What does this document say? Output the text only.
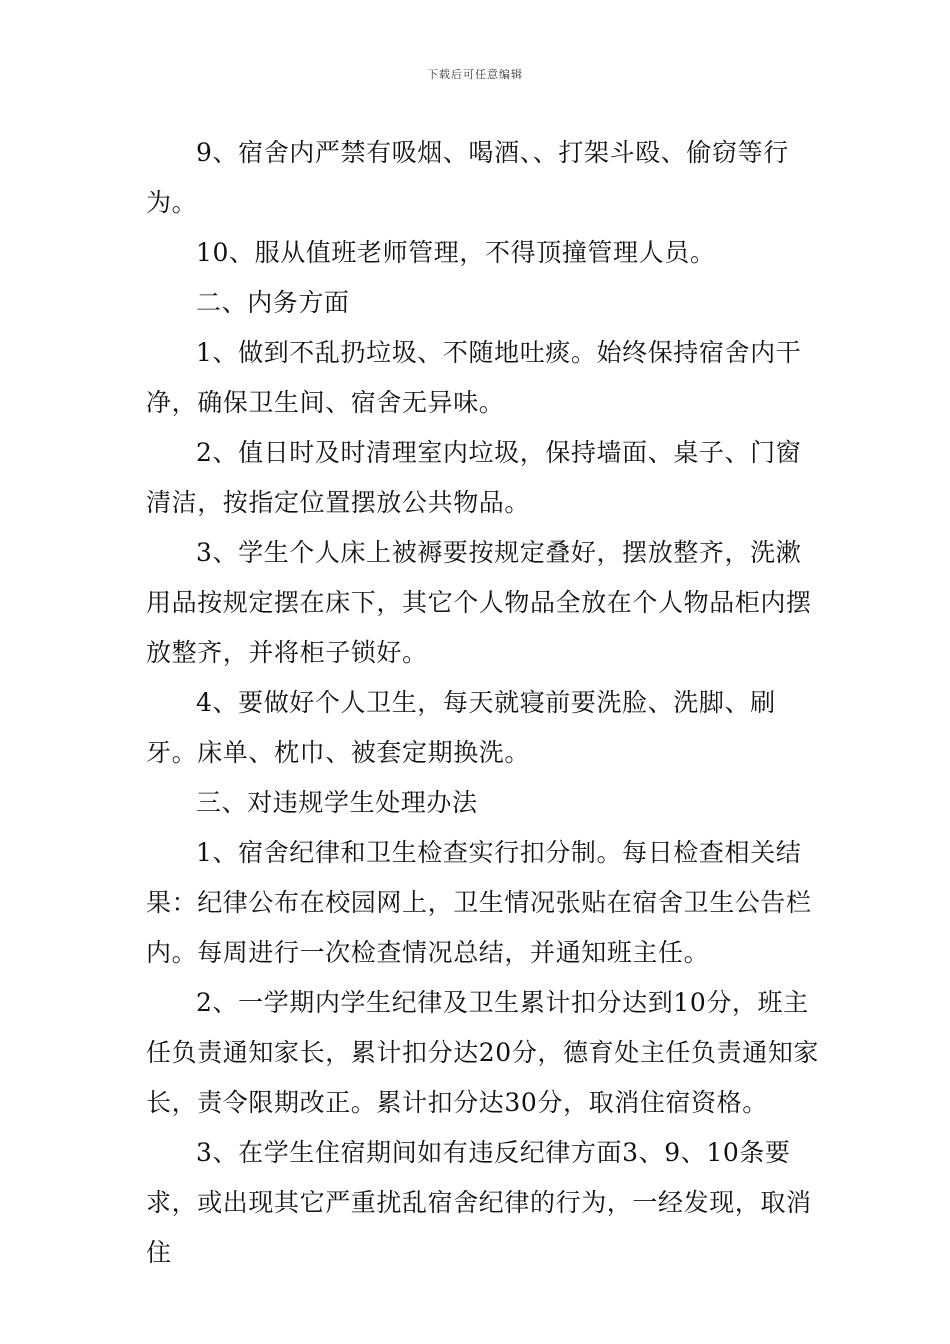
下载后可任意编辑

9、宿舍内严禁有吸烟、喝酒、、打架斗殴、偷窃等行为。

10、服从值班老师管理，不得顶撞管理人员。

二、内务方面

1、做到不乱扔垃圾、不随地吐痰。始终保持宿舍内干净，确保卫生间、宿舍无异味。

2、值日时及时清理室内垃圾，保持墙面、桌子、门窗清洁，按指定位置摆放公共物品。

3、学生个人床上被褥要按规定叠好，摆放整齐，洗漱用品按规定摆在床下，其它个人物品全放在个人物品柜内摆放整齐，并将柜子锁好。

4、要做好个人卫生，每天就寝前要洗脸、洗脚、刷牙。床单、枕巾、被套定期换洗。

三、对违规学生处理办法

1、宿舍纪律和卫生检查实行扣分制。每日检查相关结果：纪律公布在校园网上，卫生情况张贴在宿舍卫生公告栏内。每周进行一次检查情况总结，并通知班主任。

2、一学期内学生纪律及卫生累计扣分达到10分，班主任负责通知家长，累计扣分达20分，德育处主任负责通知家长，责令限期改正。累计扣分达30分，取消住宿资格。

3、在学生住宿期间如有违反纪律方面3、9、10条要求，或出现其它严重扰乱宿舍纪律的行为，一经发现，取消住
